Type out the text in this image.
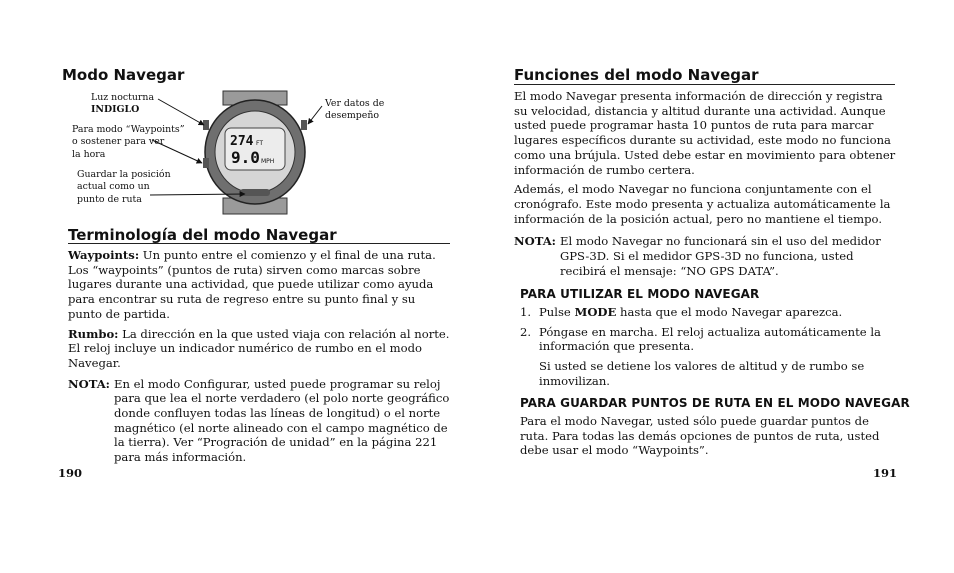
Modo Navegar
Luz nocturna
INDIGLO
Para modo “Waypoints”
o sostener para ver
la hora
Guardar la posición
actual como un
punto de ruta
Ver datos de
desempeño
274 FT
9.0 MPH
Terminología del modo Navegar

Waypoints: Un punto entre el comienzo y el final de una ruta. Los “waypoints” (puntos de ruta) sirven como marcas sobre lugares durante una actividad, que puede utilizar como ayuda para encontrar su ruta de regreso entre su punto final y su punto de partida.

Rumbo: La dirección en la que usted viaja con relación al norte. El reloj incluye un indicador numérico de rumbo en el modo Navegar.

NOTA: En el modo Configurar, usted puede programar su reloj para que lea el norte verdadero (el polo norte geográfico donde confluyen todas las líneas de longitud) o el norte magnético (el norte alineado con el campo magnético de la tierra). Ver “Progración de unidad” en la página 221 para más información.
190
Funciones del modo Navegar

El modo Navegar presenta información de dirección y registra su velocidad, distancia y altitud durante una actividad. Aunque usted puede programar hasta 10 puntos de ruta para marcar lugares específicos durante su actividad, este modo no funciona como una brújula. Usted debe estar en movimiento para obtener información de rumbo certera.

Además, el modo Navegar no funciona conjuntamente con el cronógrafo. Este modo presenta y actualiza automáticamente la información de la posición actual, pero no mantiene el tiempo.

NOTA: El modo Navegar no funcionará sin el uso del medidor GPS-3D. Si el medidor GPS-3D no funciona, usted recibirá el mensaje: “NO GPS DATA”.
PARA UTILIZAR EL MODO NAVEGAR
1. Pulse MODE hasta que el modo Navegar aparezca.
2. Póngase en marcha. El reloj actualiza automáticamente la información que presenta.
Si usted se detiene los valores de altitud y de rumbo se inmovilizan.
PARA GUARDAR PUNTOS DE RUTA EN EL MODO NAVEGAR

Para el modo Navegar, usted sólo puede guardar puntos de ruta. Para todas las demás opciones de puntos de ruta, usted debe usar el modo “Waypoints”.

191
